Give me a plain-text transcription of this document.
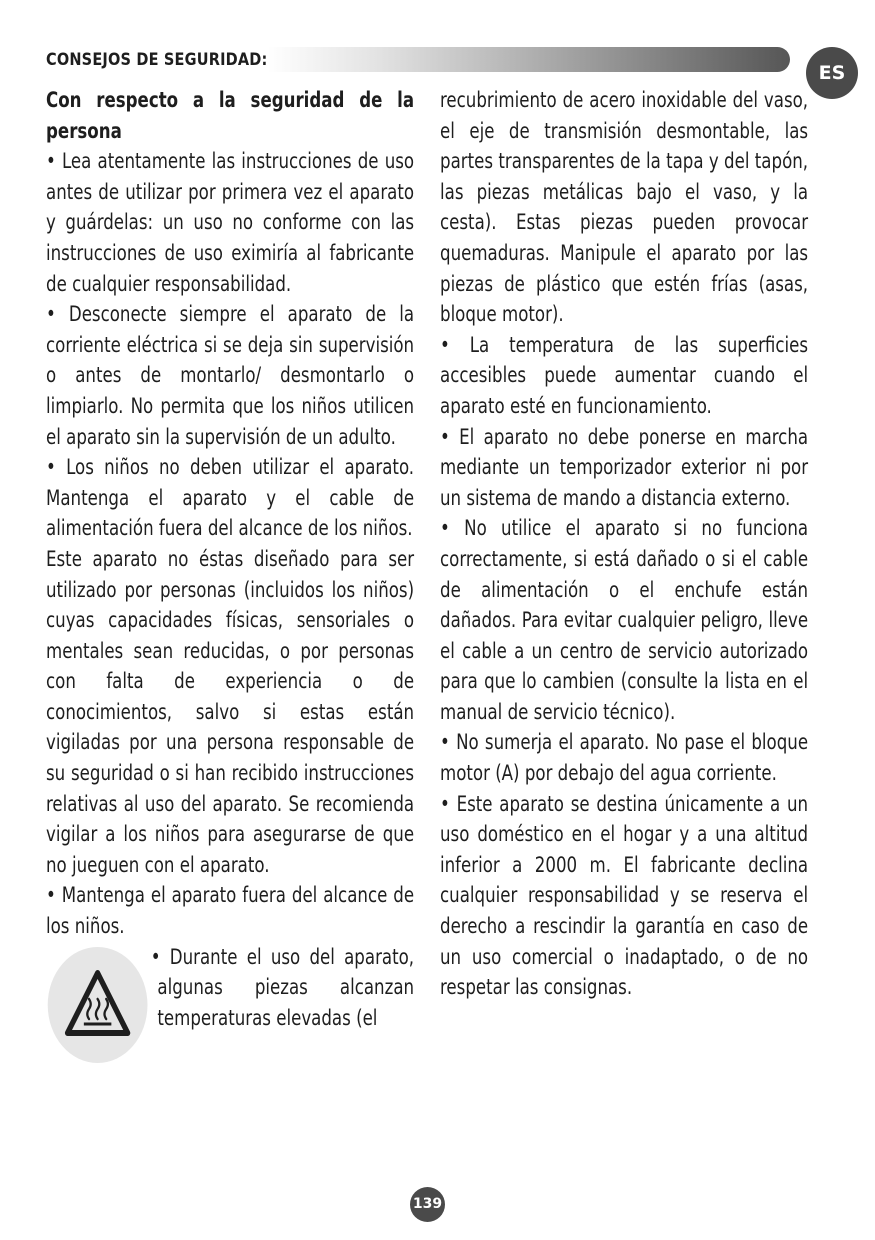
CONSEJOS DE SEGURIDAD:
ES

Con respecto a la seguridad de la persona

• Lea atentamente las instrucciones de uso antes de utilizar por primera vez el aparato y guárdelas: un uso no conforme con las instrucciones de uso eximiría al fabricante de cualquier responsabilidad.

• Desconecte siempre el aparato de la corriente eléctrica si se deja sin supervisión o antes de montarlo/ desmontarlo o limpiarlo. No permita que los niños utilicen el aparato sin la supervisión de un adulto.

• Los niños no deben utilizar el aparato. Mantenga el aparato y el cable de alimentación fuera del alcance de los niños.

Este aparato no éstas diseñado para ser utilizado por personas (incluidos los niños) cuyas capacidades físicas, sensoriales o mentales sean reducidas, o por personas con falta de experiencia o de conocimientos, salvo si estas están vigiladas por una persona responsable de su seguridad o si han recibido instrucciones relativas al uso del aparato. Se recomienda vigilar a los niños para asegurarse de que no jueguen con el aparato.

• Mantenga el aparato fuera del alcance de los niños.

• Durante el uso del aparato, algunas piezas alcanzan temperaturas elevadas (el

recubrimiento de acero inoxidable del vaso, el eje de transmisión desmontable, las partes transparentes de la tapa y del tapón, las piezas metálicas bajo el vaso, y la cesta). Estas piezas pueden provocar quemaduras. Manipule el aparato por las piezas de plástico que estén frías (asas, bloque motor).

• La temperatura de las superficies accesibles puede aumentar cuando el aparato esté en funcionamiento.

• El aparato no debe ponerse en marcha mediante un temporizador exterior ni por un sistema de mando a distancia externo.

• No utilice el aparato si no funciona correctamente, si está dañado o si el cable de alimentación o el enchufe están dañados. Para evitar cualquier peligro, lleve el cable a un centro de servicio autorizado para que lo cambien (consulte la lista en el manual de servicio técnico).

• No sumerja el aparato. No pase el bloque motor (A) por debajo del agua corriente.

• Este aparato se destina únicamente a un uso doméstico en el hogar y a una altitud inferior a 2000 m. El fabricante declina cualquier responsabilidad y se reserva el derecho a rescindir la garantía en caso de un uso comercial o inadaptado, o de no respetar las consignas.

139
